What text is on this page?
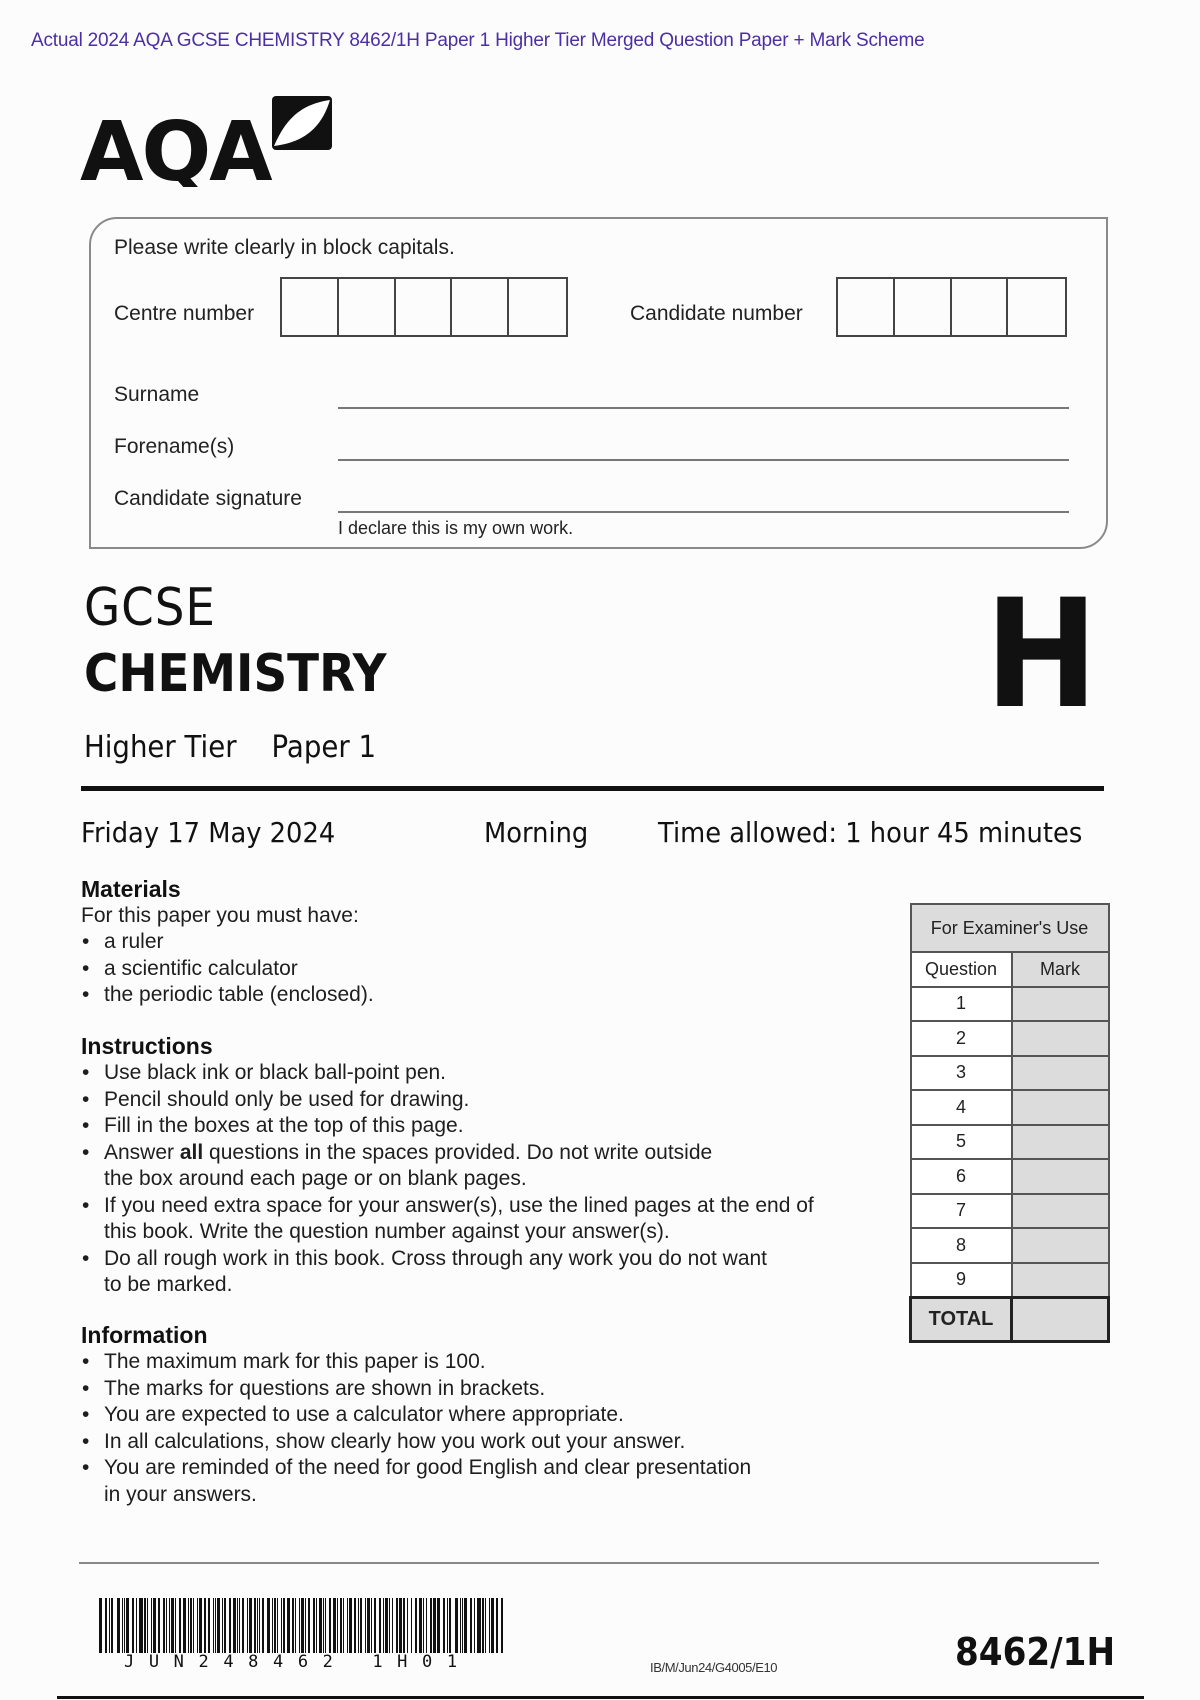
Actual 2024 AQA GCSE CHEMISTRY 8462/1H Paper 1 Higher Tier Merged Question Paper + Mark Scheme
AQA
Please write clearly in block capitals.
Centre number	Candidate number
Surname
Forename(s)
Candidate signature
I declare this is my own work.
GCSE
CHEMISTRY
Higher Tier Paper 1
H
Friday 17 May 2024	Morning Time allowed: 1 hour 45 minutes
Materials
For this paper you must have:
• a ruler
• a scientific calculator
• the periodic table (enclosed).
Instructions
• Use black ink or black ball-point pen.
• Pencil should only be used for drawing.
• Fill in the boxes at the top of this page.
• Answer all questions in the spaces provided. Do not write outside
the box around each page or on blank pages.
• If you need extra space for your answer(s), use the lined pages at the end of
this book. Write the question number against your answer(s).
• Do all rough work in this book. Cross through any work you do not want
to be marked.
Information
• The maximum mark for this paper is 100.
• The marks for questions are shown in brackets.
• You are expected to use a calculator where appropriate.
• In all calculations, show clearly how you work out your answer.
• You are reminded of the need for good English and clear presentation
in your answers.
For Examiner's Use	
Question	Mark
1	
2	
3	
4	
5	
6	
7	
8	
9	
TOTAL	
JUN248462 1H01	IB/M/Jun24/G4005/E10	8462/1H
